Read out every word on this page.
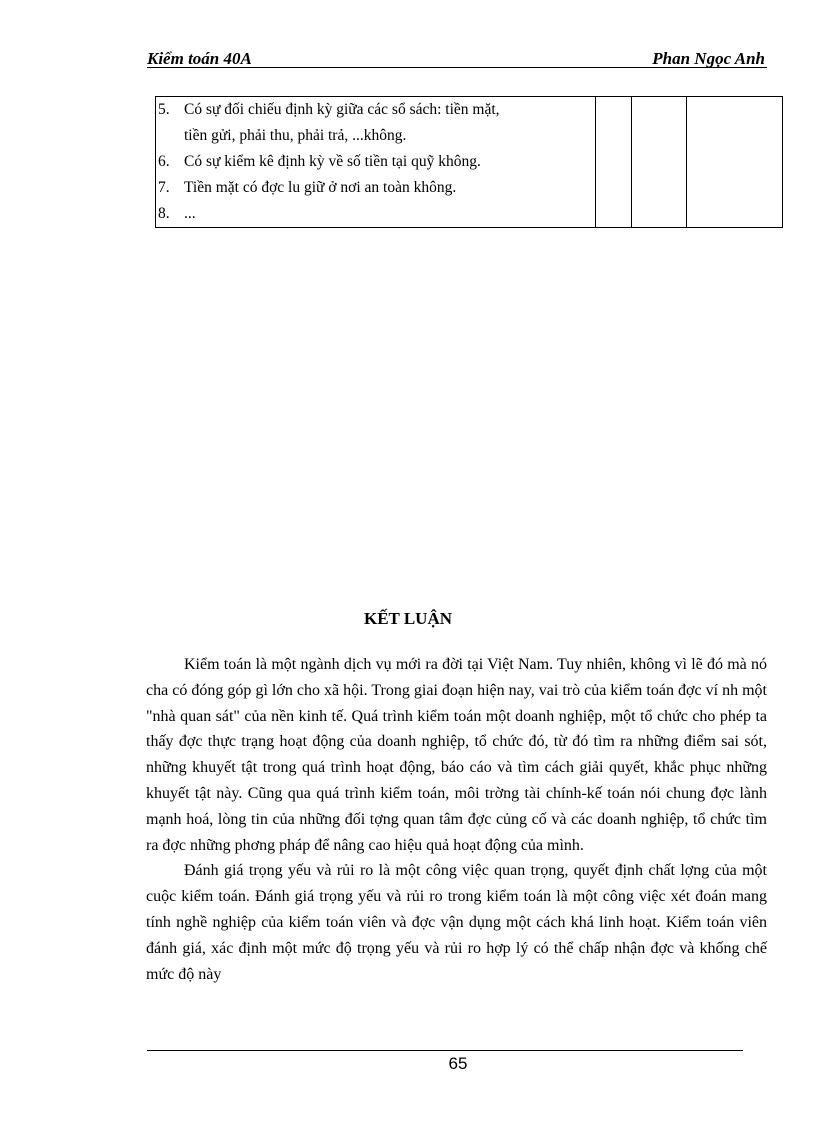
Kiểm toán 40A	Phan Ngọc Anh
5. Có sự đối chiếu định kỳ giữa các sổ sách: tiền mặt,
tiền gửi, phải thu, phải trả, ...không.
6. Có sự kiểm kê định kỳ về số tiền tại quỹ không.
7. Tiền mặt có đợc lu giữ ở nơi an toàn không.
8. ...

KẾT LUẬN

Kiểm toán là một ngành dịch vụ mới ra đời tại Việt Nam. Tuy nhiên, không vì lẽ đó mà nó cha có đóng góp gì lớn cho xã hội. Trong giai đoạn hiện nay, vai trò của kiểm toán đợc ví nh một "nhà quan sát" của nền kinh tế. Quá trình kiểm toán một doanh nghiệp, một tổ chức cho phép ta thấy đợc thực trạng hoạt động của doanh nghiệp, tổ chức đó, từ đó tìm ra những điểm sai sót, những khuyết tật trong quá trình hoạt động, báo cáo và tìm cách giải quyết, khắc phục những khuyết tật này. Cũng qua quá trình kiểm toán, môi trờng tài chính-kế toán nói chung đợc lành mạnh hoá, lòng tin của những đối tợng quan tâm đợc củng cố và các doanh nghiệp, tổ chức tìm ra đợc những phơng pháp để nâng cao hiệu quả hoạt động của mình.

Đánh giá trọng yếu và rủi ro là một công việc quan trọng, quyết định chất lợng của một cuộc kiểm toán. Đánh giá trọng yếu và rủi ro trong kiểm toán là một công việc xét đoán mang tính nghề nghiệp của kiểm toán viên và đợc vận dụng một cách khá linh hoạt. Kiểm toán viên đánh giá, xác định một mức độ trọng yếu và rủi ro hợp lý có thể chấp nhận đợc và khống chế mức độ này

65
